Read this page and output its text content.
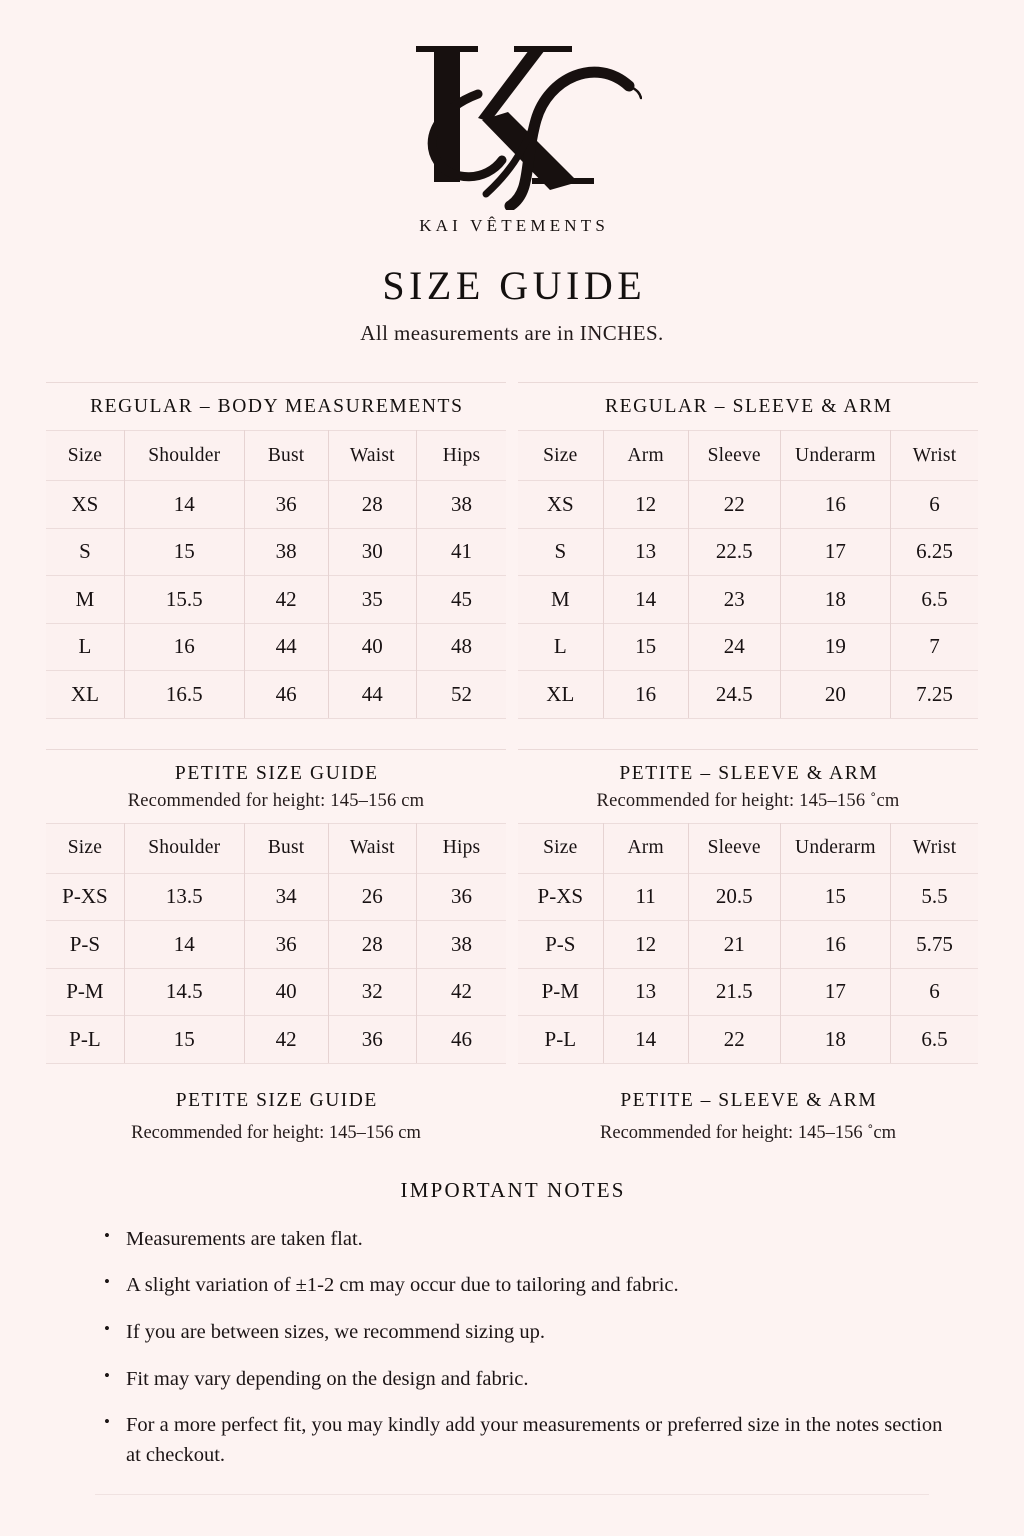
KAI VÊTEMENTS
SIZE GUIDE
All measurements are in INCHES.
REGULAR – BODY MEASUREMENTS
Size	Shoulder	Bust	Waist	Hips
XS	14	36	28	38
S	15	38	30	41
M	15.5	42	35	45
L	16	44	40	48
XL	16.5	46	44	52
REGULAR – SLEEVE & ARM
Size	Arm	Sleeve	Underarm	Wrist
XS	12	22	16	6
S	13	22.5	17	6.25
M	14	23	18	6.5
L	15	24	19	7
XL	16	24.5	20	7.25
PETITE SIZE GUIDE
Recommended for height: 145–156 cm
Size	Shoulder	Bust	Waist	Hips
P-XS	13.5	34	26	36
P-S	14	36	28	38
P-M	14.5	40	32	42
P-L	15	42	36	46
PETITE – SLEEVE & ARM
Recommended for height: 145–156 ˚cm
Size	Arm	Sleeve	Underarm	Wrist
P-XS	11	20.5	15	5.5
P-S	12	21	16	5.75
P-M	13	21.5	17	6
P-L	14	22	18	6.5
PETITE SIZE GUIDE
Recommended for height: 145–156 cm
PETITE – SLEEVE & ARM
Recommended for height: 145–156 ˚cm
IMPORTANT NOTES
• Measurements are taken flat.
• A slight variation of ±1-2 cm may occur due to tailoring and fabric.
• If you are between sizes, we recommend sizing up.
• Fit may vary depending on the design and fabric.
• For a more perfect fit, you may kindly add your measurements or preferred size in the notes section at checkout.
